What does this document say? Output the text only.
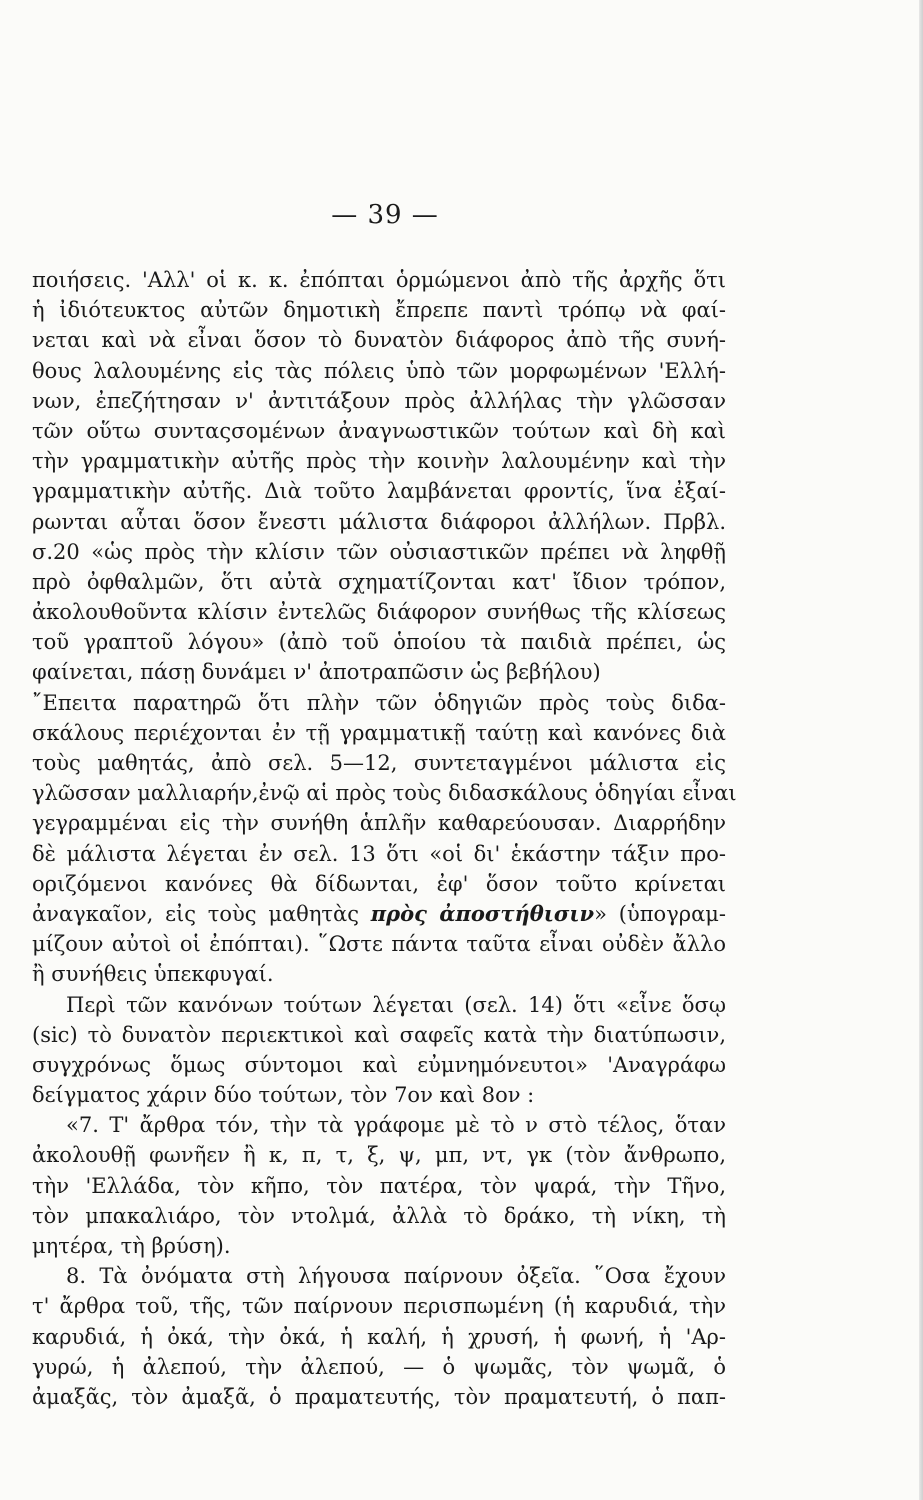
— 39 —
ποιήσεις. 'Αλλ' οἱ κ. κ. ἐπόπται ὁρμώμενοι ἀπὸ τῆς ἀρχῆς ὅτι
ἡ ἰδιότευκτος αὐτῶν δημοτικὴ ἔπρεπε παντὶ τρόπῳ νὰ φαί-
νεται καὶ νὰ εἶναι ὅσον τὸ δυνατὸν διάφορος ἀπὸ τῆς συνή-
θους λαλουμένης εἰς τὰς πόλεις ὑπὸ τῶν μορφωμένων 'Ελλή-
νων, ἐπεζήτησαν ν' ἀντιτάξουν πρὸς ἀλλήλας τὴν γλῶσσαν
τῶν οὕτω συνταςσομένων ἀναγνωστικῶν τούτων καὶ δὴ καὶ
τὴν γραμματικὴν αὐτῆς πρὸς τὴν κοινὴν λαλουμένην καὶ τὴν
γραμματικὴν αὐτῆς. Διὰ τοῦτο λαμβάνεται φροντίς, ἵνα ἐξαί-
ρωνται αὗται ὅσον ἔνεστι μάλιστα διάφοροι ἀλλήλων. Πρβλ.
σ.20 «ὡς πρὸς τὴν κλίσιν τῶν οὐσιαστικῶν πρέπει νὰ ληφθῇ
πρὸ ὀφθαλμῶν, ὅτι αὐτὰ σχηματίζονται κατ' ἴδιον τρόπον,
ἀκολουθοῦντα κλίσιν ἐντελῶς διάφορον συνήθως τῆς κλίσεως
τοῦ γραπτοῦ λόγου» (ἀπὸ τοῦ ὁποίου τὰ παιδιὰ πρέπει, ὡς
φαίνεται, πάσῃ δυνάμει ν' ἀποτραπῶσιν ὡς βεβήλου)
῎Επειτα παρατηρῶ ὅτι πλὴν τῶν ὁδηγιῶν πρὸς τοὺς διδα-
σκάλους περιέχονται ἐν τῇ γραμματικῇ ταύτῃ καὶ κανόνες διὰ
τοὺς μαθητάς, ἀπὸ σελ. 5—12, συντεταγμένοι μάλιστα εἰς
γλῶσσαν μαλλιαρήν,ἐνῷ αἱ πρὸς τοὺς διδασκάλους ὁδηγίαι εἶναι
γεγραμμέναι εἰς τὴν συνήθη ἁπλῆν καθαρεύουσαν. Διαρρήδην
δὲ μάλιστα λέγεται ἐν σελ. 13 ὅτι «οἱ δι' ἑκάστην τάξιν προ-
οριζόμενοι κανόνες θὰ δίδωνται, ἐφ' ὅσον τοῦτο κρίνεται
ἀναγκαῖον, εἰς τοὺς μαθητὰς πρὸς ἀποστήθισιν» (ὑπογραμ-
μίζουν αὐτοὶ οἱ ἐπόπται). ῞Ωστε πάντα ταῦτα εἶναι οὐδὲν ἄλλο
ἢ συνήθεις ὑπεκφυγαί.
Περὶ τῶν κανόνων τούτων λέγεται (σελ. 14) ὅτι «εἶνε ὅσῳ
(sic) τὸ δυνατὸν περιεκτικοὶ καὶ σαφεῖς κατὰ τὴν διατύπωσιν,
συγχρόνως ὅμως σύντομοι καὶ εὐμνημόνευτοι» 'Αναγράφω
δείγματος χάριν δύο τούτων, τὸν 7ον καὶ 8ον :
«7. Τ' ἄρθρα τόν, τὴν τὰ γράφομε μὲ τὸ ν στὸ τέλος, ὅταν
ἀκολουθῇ φωνῆεν ἢ κ, π, τ, ξ, ψ, μπ, ντ, γκ (τὸν ἄνθρωπο,
τὴν 'Ελλάδα, τὸν κῆπο, τὸν πατέρα, τὸν ψαρά, τὴν Τῆνο,
τὸν μπακαλιάρο, τὸν ντολμά, ἀλλὰ τὸ δράκο, τὴ νίκη, τὴ
μητέρα, τὴ βρύση).
8. Τὰ ὀνόματα στὴ λήγουσα παίρνουν ὀξεῖα. ῞Οσα ἔχουν
τ' ἄρθρα τοῦ, τῆς, τῶν παίρνουν περισπωμένη (ἡ καρυδιά, τὴν
καρυδιά, ἡ ὀκά, τὴν ὀκά, ἡ καλή, ἡ χρυσή, ἡ φωνή, ἡ 'Αρ-
γυρώ, ἡ ἀλεπού, τὴν ἀλεπού, — ὁ ψωμᾶς, τὸν ψωμᾶ, ὁ
ἀμαξᾶς, τὸν ἀμαξᾶ, ὁ πραματευτής, τὸν πραματευτή, ὁ παπ-
